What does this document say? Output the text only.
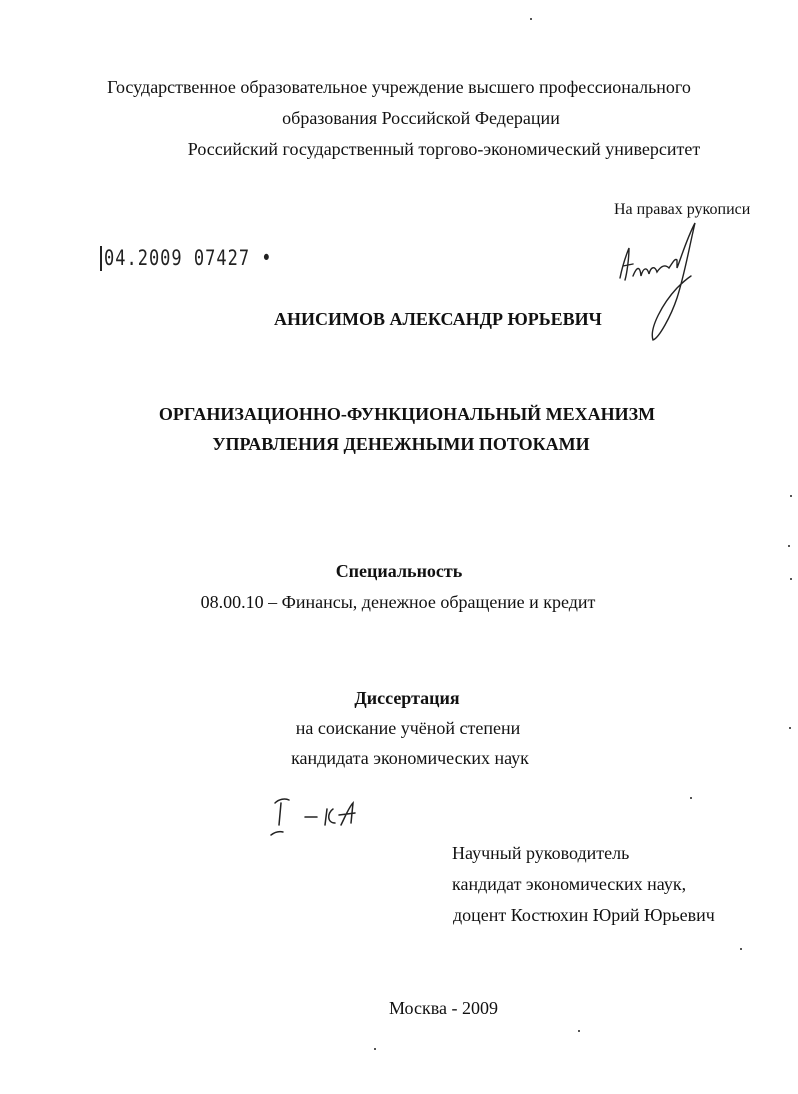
Государственное образовательное учреждение высшего профессионального
образования Российской Федерации
Российский государственный торгово-экономический университет
На правах рукописи
04.2009 07427 •
АНИСИМОВ АЛЕКСАНДР ЮРЬЕВИЧ
ОРГАНИЗАЦИОННО-ФУНКЦИОНАЛЬНЫЙ МЕХАНИЗМ
УПРАВЛЕНИЯ ДЕНЕЖНЫМИ ПОТОКАМИ
Специальность
08.00.10 – Финансы, денежное обращение и кредит
Диссертация
на соискание учёной степени
кандидата экономических наук
Научный руководитель
кандидат экономических наук,
доцент Костюхин Юрий Юрьевич
Москва - 2009
